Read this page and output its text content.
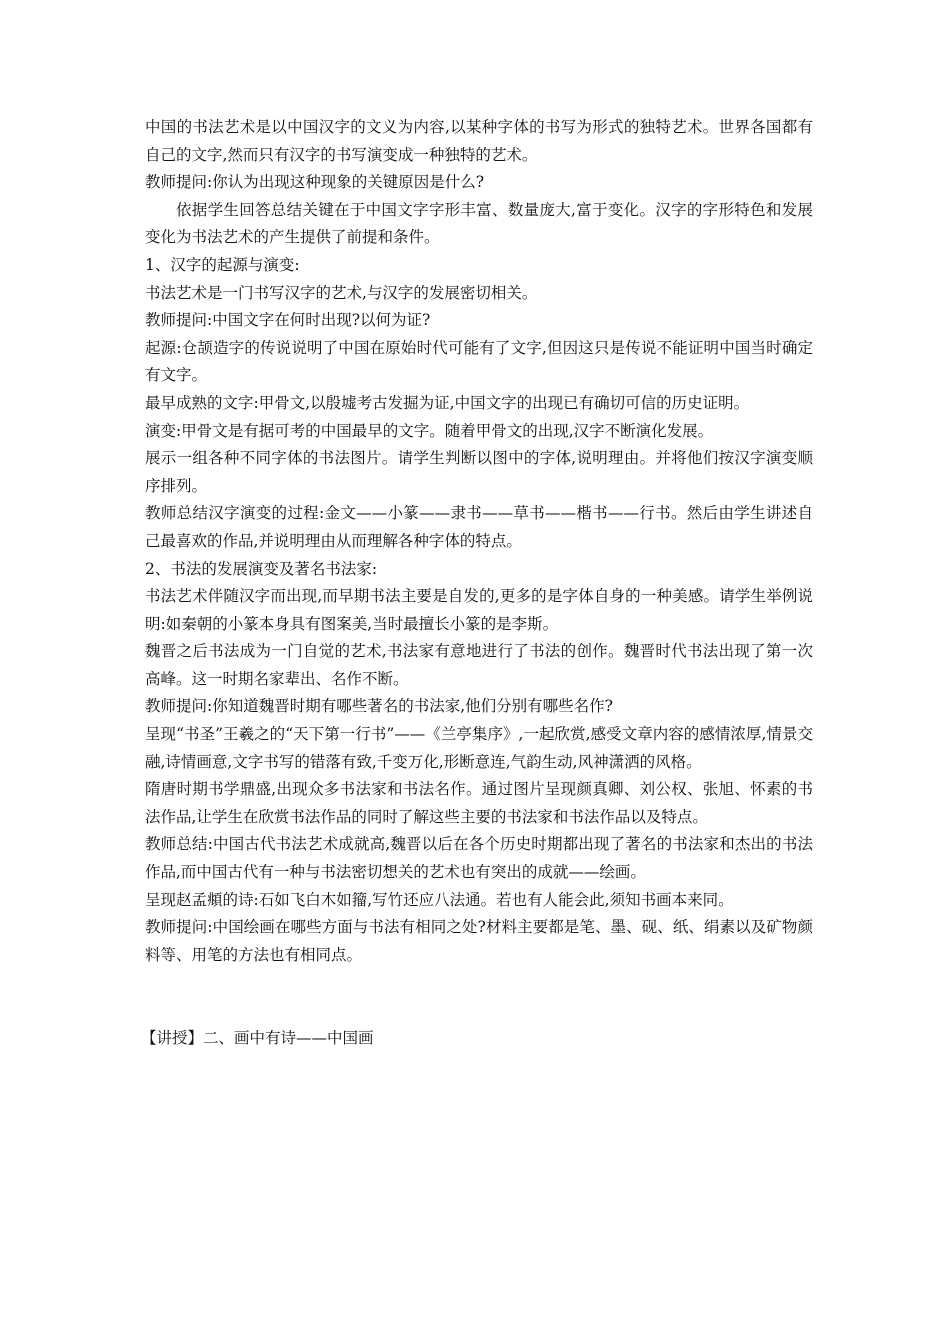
中国的书法艺术是以中国汉字的文义为内容,以某种字体的书写为形式的独特艺术。世界各国都有自己的文字,然而只有汉字的书写演变成一种独特的艺术。

教师提问:你认为出现这种现象的关键原因是什么?

依据学生回答总结关键在于中国文字字形丰富、数量庞大,富于变化。汉字的字形特色和发展变化为书法艺术的产生提供了前提和条件。

1、汉字的起源与演变:

书法艺术是一门书写汉字的艺术,与汉字的发展密切相关。

教师提问:中国文字在何时出现?以何为证?

起源:仓颉造字的传说说明了中国在原始时代可能有了文字,但因这只是传说不能证明中国当时确定有文字。

最早成熟的文字:甲骨文,以殷墟考古发掘为证,中国文字的出现已有确切可信的历史证明。

演变:甲骨文是有据可考的中国最早的文字。随着甲骨文的出现,汉字不断演化发展。

展示一组各种不同字体的书法图片。请学生判断以图中的字体,说明理由。并将他们按汉字演变顺序排列。

教师总结汉字演变的过程:金文——小篆——隶书——草书——楷书——行书。然后由学生讲述自己最喜欢的作品,并说明理由从而理解各种字体的特点。

2、书法的发展演变及著名书法家:

书法艺术伴随汉字而出现,而早期书法主要是自发的,更多的是字体自身的一种美感。请学生举例说明:如秦朝的小篆本身具有图案美,当时最擅长小篆的是李斯。

魏晋之后书法成为一门自觉的艺术,书法家有意地进行了书法的创作。魏晋时代书法出现了第一次高峰。这一时期名家辈出、名作不断。

教师提问:你知道魏晋时期有哪些著名的书法家,他们分别有哪些名作?

呈现“书圣”王羲之的“天下第一行书”——《兰亭集序》,一起欣赏,感受文章内容的感情浓厚,情景交融,诗情画意,文字书写的错落有致,千变万化,形断意连,气韵生动,风神潇洒的风格。

隋唐时期书学鼎盛,出现众多书法家和书法名作。通过图片呈现颜真卿、刘公权、张旭、怀素的书法作品,让学生在欣赏书法作品的同时了解这些主要的书法家和书法作品以及特点。

教师总结:中国古代书法艺术成就高,魏晋以后在各个历史时期都出现了著名的书法家和杰出的书法作品,而中国古代有一种与书法密切想关的艺术也有突出的成就——绘画。

呈现赵孟頫的诗:石如飞白木如籀,写竹还应八法通。若也有人能会此,须知书画本来同。

教师提问:中国绘画在哪些方面与书法有相同之处?材料主要都是笔、墨、砚、纸、绢素以及矿物颜料等、用笔的方法也有相同点。

【讲授】二、画中有诗——中国画
